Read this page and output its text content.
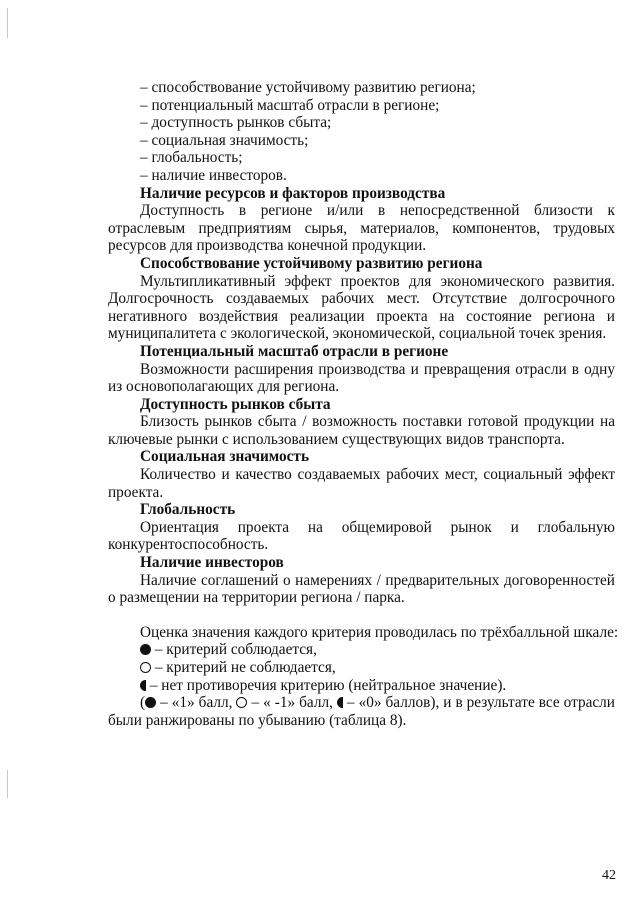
– способствование устойчивому развитию региона;
– потенциальный масштаб отрасли в регионе;
– доступность рынков сбыта;
– социальная значимость;
– глобальность;
– наличие инвесторов.
Наличие ресурсов и факторов производства
Доступность в регионе и/или в непосредственной близости к отраслевым предприятиям сырья, материалов, компонентов, трудовых ресурсов для производства конечной продукции.
Способствование устойчивому развитию региона
Мультипликативный эффект проектов для экономического развития. Долгосрочность создаваемых рабочих мест. Отсутствие долгосрочного негативного воздействия реализации проекта на состояние региона и муниципалитета с экологической, экономической, социальной точек зрения.
Потенциальный масштаб отрасли в регионе
Возможности расширения производства и превращения отрасли в одну из основополагающих для региона.
Доступность рынков сбыта
Близость рынков сбыта / возможность поставки готовой продукции на ключевые рынки с использованием существующих видов транспорта.
Социальная значимость
Количество и качество создаваемых рабочих мест, социальный эффект проекта.
Глобальность
Ориентация проекта на общемировой рынок и глобальную конкурентоспособность.
Наличие инвесторов
Наличие соглашений о намерениях / предварительных договоренностей о размещении на территории региона / парка.
Оценка значения каждого критерия проводилась по трёхбалльной шкале:
– критерий соблюдается,
– критерий не соблюдается,
– нет противоречия критерию (нейтральное значение).
( – «1» балл,  – « -1» балл,  – «0» баллов), и в результате все отрасли были ранжированы по убыванию (таблица 8).
42
